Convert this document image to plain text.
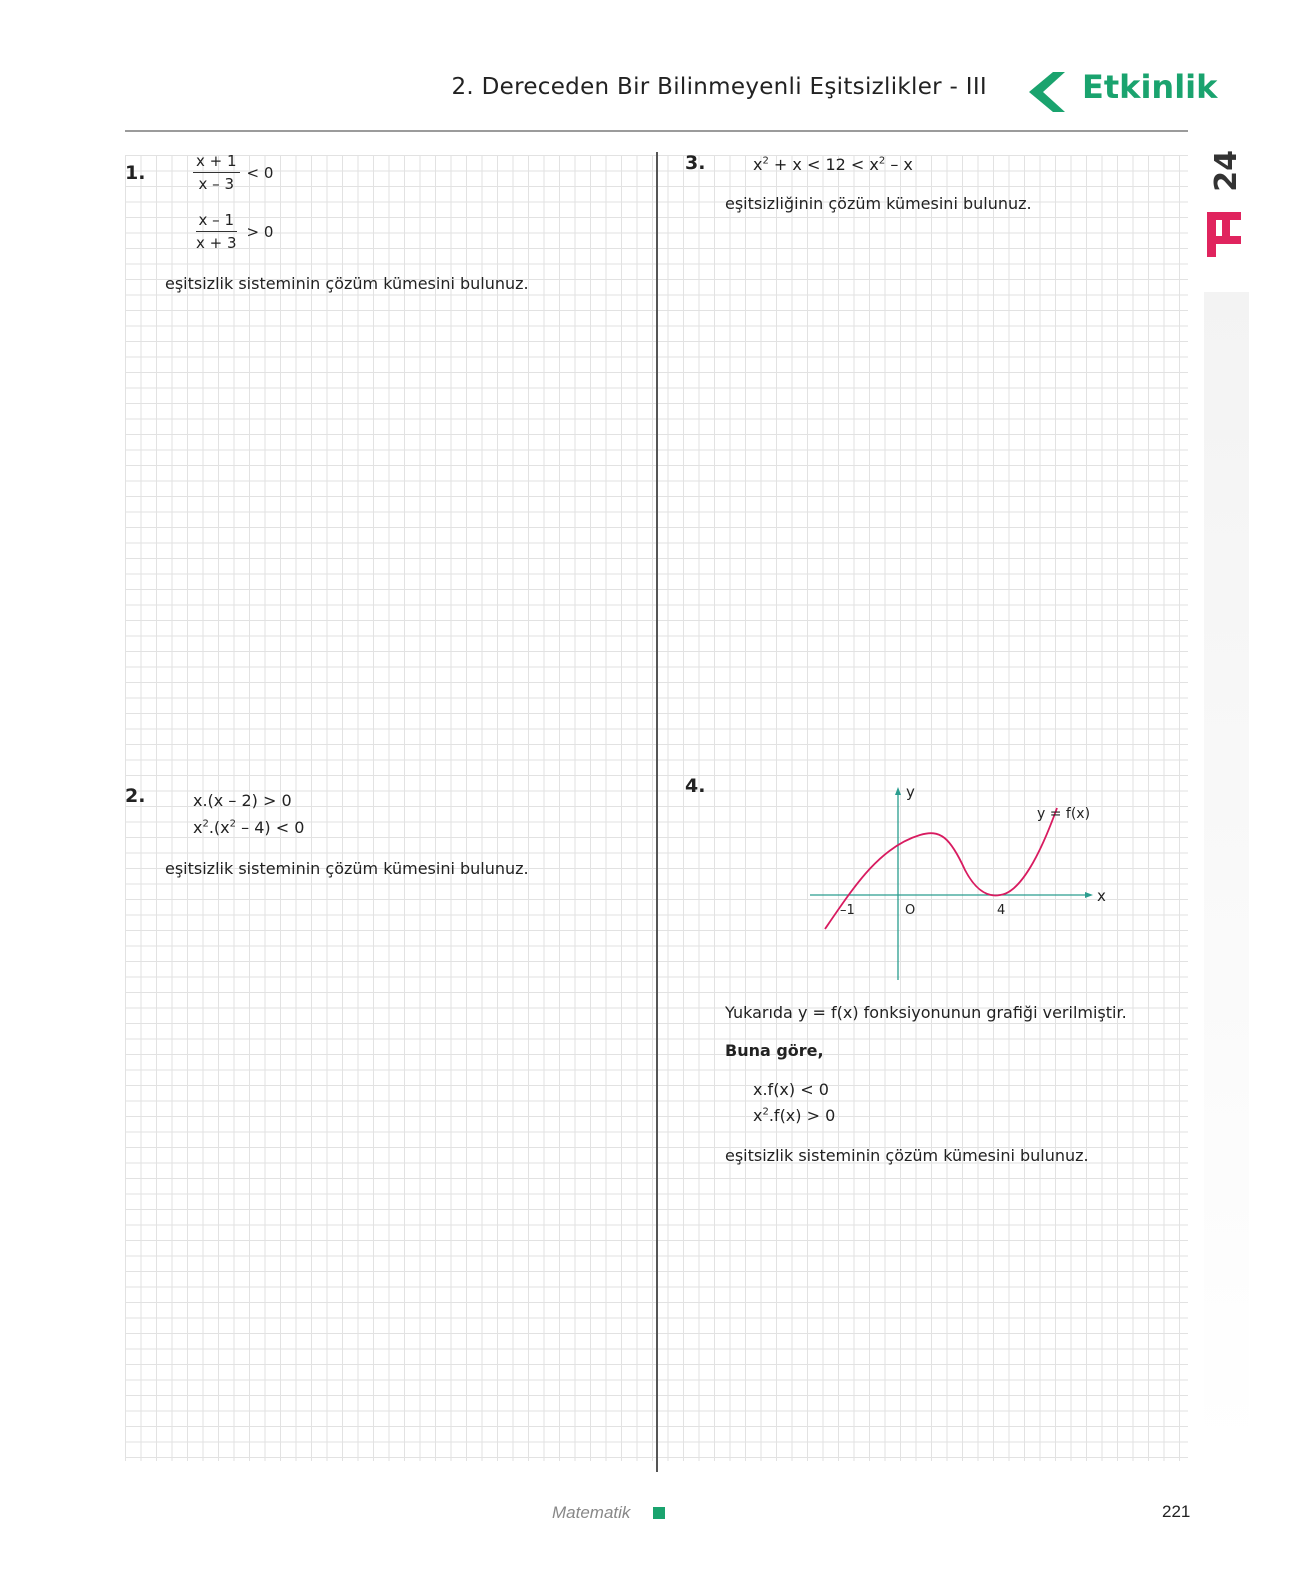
2. Dereceden Bir Bilinmeyenli Eşitsizlikler - III	Etkinlik
24
1.	$\frac{x + 1}{x - 3} < 0$
$\frac{x - 1}{x + 3} > 0$
eşitsizlik sisteminin çözüm kümesini bulunuz.
2.	x.(x – 2) > 0
$x^2.(x^2 - 4) < 0$
eşitsizlik sisteminin çözüm kümesini bulunuz.
3.	$x^2 + x < 12 < x^2 - x$
eşitsizliğinin çözüm kümesini bulunuz.
4.	y
x
y = f(x)
–1	O	4
Yukarıda y = f(x) fonksiyonunun grafiği verilmiştir.
Buna göre,
x.f(x) < 0
$x^2.f(x) > 0$
eşitsizlik sisteminin çözüm kümesini bulunuz.
Matematik	221
